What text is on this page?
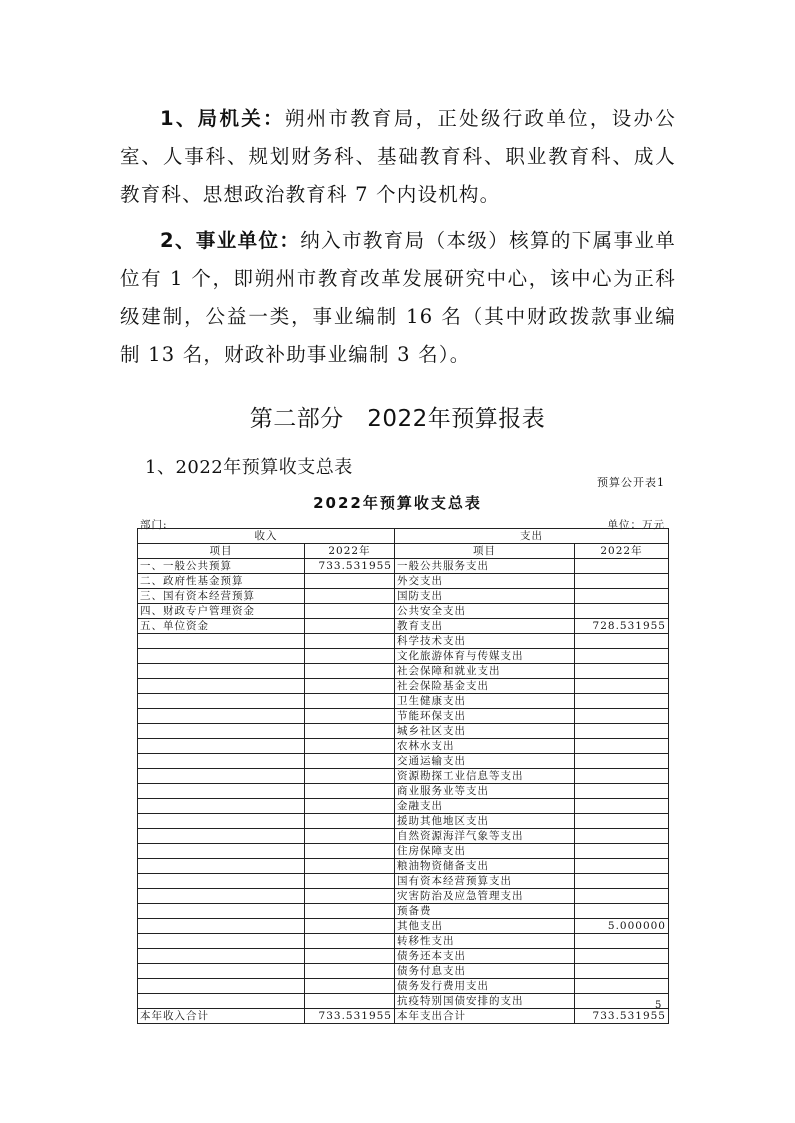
1、局机关：朔州市教育局，正处级行政单位，设办公室、人事科、规划财务科、基础教育科、职业教育科、成人教育科、思想政治教育科 7 个内设机构。

2、事业单位：纳入市教育局（本级）核算的下属事业单位有 1 个，即朔州市教育改革发展研究中心，该中心为正科级建制，公益一类，事业编制 16 名（其中财政拨款事业编制 13 名，财政补助事业编制 3 名）。

第二部分　2022年预算报表
1、2022年预算收支总表
预算公开表1
2022年预算收支总表
部门:	单位：万元
收入		支出	
项目	2022年	项目	2022年
一、一般公共预算	733.531955	一般公共服务支出	
二、政府性基金预算		外交支出	
三、国有资本经营预算		国防支出	
四、财政专户管理资金		公共安全支出	
五、单位资金		教育支出	728.531955
		科学技术支出	
		文化旅游体育与传媒支出	
		社会保障和就业支出	
		社会保险基金支出	
		卫生健康支出	
		节能环保支出	
		城乡社区支出	
		农林水支出	
		交通运输支出	
		资源勘探工业信息等支出	
		商业服务业等支出	
		金融支出	
		援助其他地区支出	
		自然资源海洋气象等支出	
		住房保障支出	
		粮油物资储备支出	
		国有资本经营预算支出	
		灾害防治及应急管理支出	
		预备费	
		其他支出	5.000000
		转移性支出	
		债务还本支出	
		债务付息支出	
		债务发行费用支出	
		抗疫特别国债安排的支出	
本年收入合计	733.531955	本年支出合计	733.531955
5
